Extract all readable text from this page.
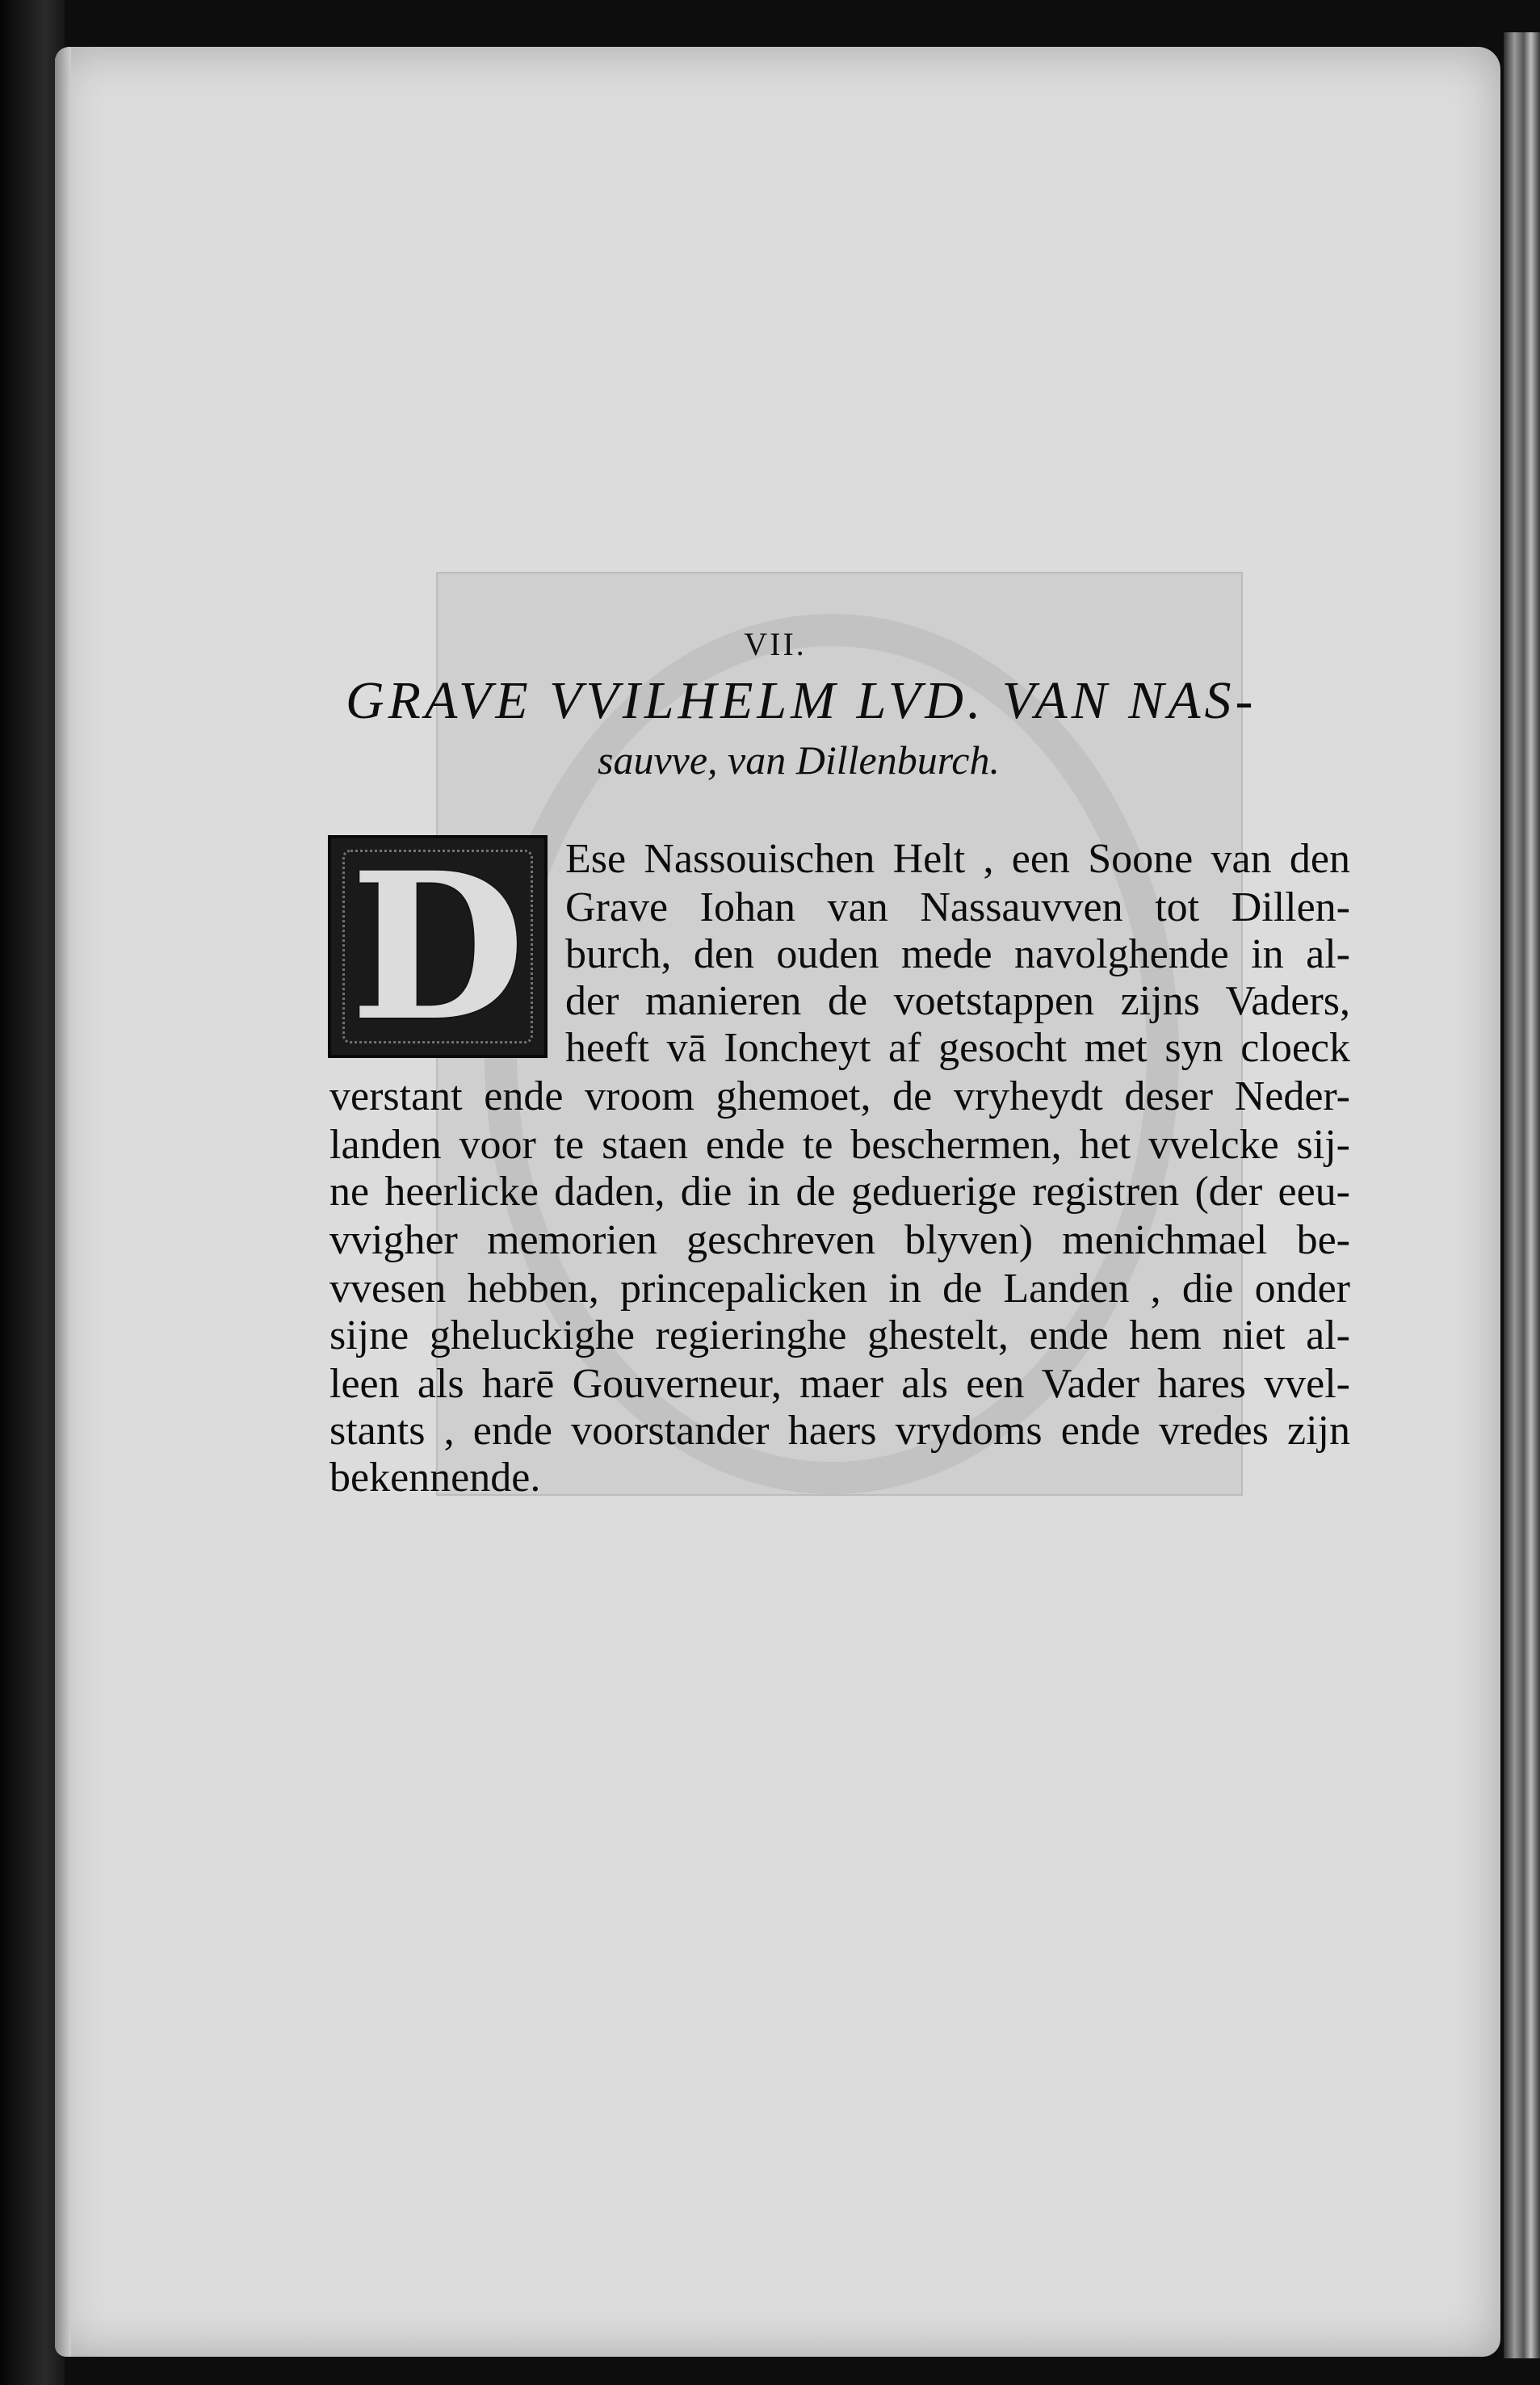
VII.
GRAVE VVILHELM LVD. VAN NAS-
sauvve, van Dillenburch.
D Ese Nassouischen Helt , een Soone van den
Grave Iohan van Nassauvven tot Dillen-
burch, den ouden mede navolghende in al-
der manieren de voetstappen zijns Vaders,
heeft vā Ioncheyt af gesocht met syn cloeck
verstant ende vroom ghemoet, de vryheydt deser Neder-
landen voor te staen ende te beschermen, het vvelcke sij-
ne heerlicke daden, die in de geduerige registren (der eeu-
vvigher memorien geschreven blyven) menichmael be-
vvesen hebben, princepalicken in de Landen , die onder
sijne gheluckighe regieringhe ghestelt, ende hem niet al-
leen als harē Gouverneur, maer als een Vader hares vvel-
stants , ende voorstander haers vrydoms ende vredes zijn
bekennende.
